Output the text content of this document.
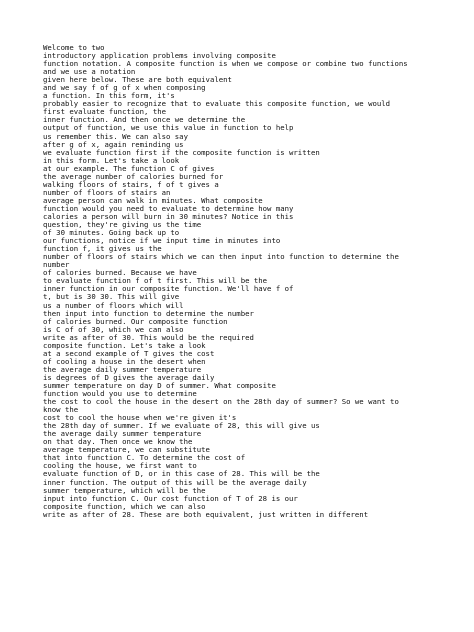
Welcome to two
introductory application problems involving composite
function notation. A composite function is when we compose or combine two functions
and we use a notation
given here below. These are both equivalent
and we say f of g of x when composing
a function. In this form, it's
probably easier to recognize that to evaluate this composite function, we would
first evaluate function, the
inner function. And then once we determine the
output of function, we use this value in function to help
us remember this. We can also say
after g of x, again reminding us
we evaluate function first if the composite function is written
in this form. Let's take a look
at our example. The function C of gives
the average number of calories burned for
walking floors of stairs, f of t gives a
number of floors of stairs an
average person can walk in minutes. What composite
function would you need to evaluate to determine how many
calories a person will burn in 30 minutes? Notice in this
question, they're giving us the time
of 30 minutes. Going back up to
our functions, notice if we input time in minutes into
function f, it gives us the
number of floors of stairs which we can then input into function to determine the
number
of calories burned. Because we have
to evaluate function f of t first. This will be the
inner function in our composite function. We'll have f of
t, but is 30 30. This will give
us a number of floors which will
then input into function to determine the number
of calories burned. Our composite function
is C of of 30, which we can also
write as after of 30. This would be the required
composite function. Let's take a look
at a second example of T gives the cost
of cooling a house in the desert when
the average daily summer temperature
is degrees of D gives the average daily
summer temperature on day D of summer. What composite
function would you use to determine
the cost to cool the house in the desert on the 28th day of summer? So we want to
know the
cost to cool the house when we're given it's
the 28th day of summer. If we evaluate of 28, this will give us
the average daily summer temperature
on that day. Then once we know the
average temperature, we can substitute
that into function C. To determine the cost of
cooling the house, we first want to
evaluate function of D, or in this case of 28. This will be the
inner function. The output of this will be the average daily
summer temperature, which will be the
input into function C. Our cost function of T of 28 is our
composite function, which we can also
write as after of 28. These are both equivalent, just written in different
